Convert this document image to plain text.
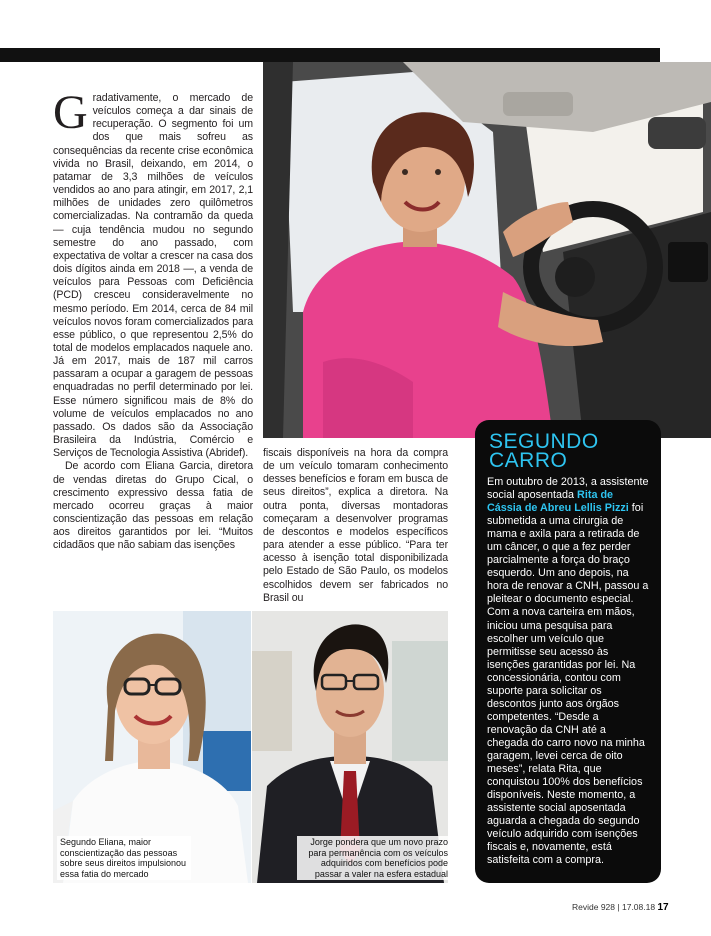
G radativamente, o mercado de veículos começa a dar sinais de recuperação. O segmento foi um dos que mais sofreu as consequências da recente crise econômica vivida no Brasil, deixando, em 2014, o patamar de 3,3 milhões de veículos vendidos ao ano para atingir, em 2017, 2,1 milhões de unidades zero quilômetros comercializadas. Na contramão da queda — cuja tendência mudou no segundo semestre do ano passado, com expectativa de voltar a crescer na casa dos dois dígitos ainda em 2018 —, a venda de veículos para Pessoas com Deficiência (PCD) cresceu consideravelmente no mesmo período. Em 2014, cerca de 84 mil veículos novos foram comercializados para esse público, o que representou 2,5% do total de modelos emplacados naquele ano. Já em 2017, mais de 187 mil carros passaram a ocupar a garagem de pessoas enquadradas no perfil determinado por lei. Esse número significou mais de 8% do volume de veículos emplacados no ano passado. Os dados são da Associação Brasileira da Indústria, Comércio e Serviços de Tecnologia Assistiva (Abridef).

De acordo com Eliana Garcia, diretora de vendas diretas do Grupo Cical, o crescimento expressivo dessa fatia de mercado ocorreu graças à maior conscientização das pessoas em relação aos direitos garantidos por lei. “Muitos cidadãos que não sabiam das isenções

fiscais disponíveis na hora da compra de um veículo tomaram conhecimento desses benefícios e foram em busca de seus direitos”, explica a diretora. Na outra ponta, diversas montadoras começaram a desenvolver programas de descontos e modelos específicos para atender a esse público. “Para ter acesso à isenção total disponibilizada pelo Estado de São Paulo, os modelos escolhidos devem ser fabricados no Brasil ou

Segundo Eliana, maior conscientização das pessoas sobre seus direitos impulsionou essa fatia do mercado
Jorge pondera que um novo prazo para permanência com os veículos adquiridos com benefícios pode passar a valer na esfera estadual
SEGUNDO CARRO

Em outubro de 2013, a assistente social aposentada Rita de Cássia de Abreu Lellis Pizzi foi submetida a uma cirurgia de mama e axila para a retirada de um câncer, o que a fez perder parcialmente a força do braço esquerdo. Um ano depois, na hora de renovar a CNH, passou a pleitear o documento especial. Com a nova carteira em mãos, iniciou uma pesquisa para escolher um veículo que permitisse seu acesso às isenções garantidas por lei. Na concessionária, contou com suporte para solicitar os descontos junto aos órgãos competentes. “Desde a renovação da CNH até a chegada do carro novo na minha garagem, levei cerca de oito meses”, relata Rita, que conquistou 100% dos benefícios disponíveis. Neste momento, a assistente social aposentada aguarda a chegada do segundo veículo adquirido com isenções fiscais e, novamente, está satisfeita com a compra.

Revide 928 | 17.08.18 17
